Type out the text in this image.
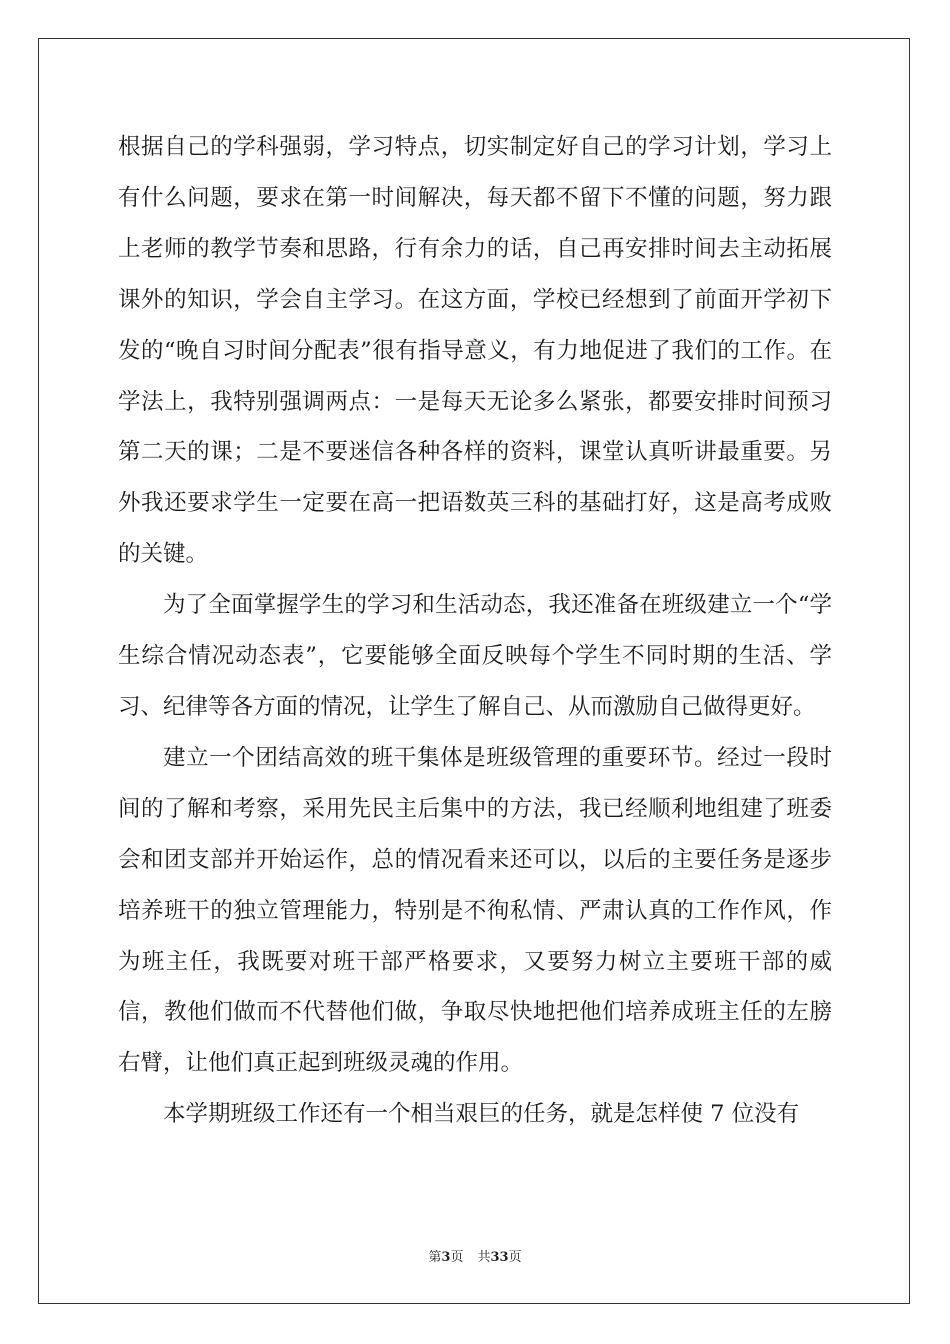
根据自己的学科强弱，学习特点，切实制定好自己的学习计划，学习上有什么问题，要求在第一时间解决，每天都不留下不懂的问题，努力跟上老师的教学节奏和思路，行有余力的话，自己再安排时间去主动拓展课外的知识，学会自主学习。在这方面，学校已经想到了前面开学初下发的“晚自习时间分配表”很有指导意义，有力地促进了我们的工作。在学法上，我特别强调两点：一是每天无论多么紧张，都要安排时间预习第二天的课；二是不要迷信各种各样的资料，课堂认真听讲最重要。另外我还要求学生一定要在高一把语数英三科的基础打好，这是高考成败的关键。

为了全面掌握学生的学习和生活动态，我还准备在班级建立一个“学生综合情况动态表”，它要能够全面反映每个学生不同时期的生活、学习、纪律等各方面的情况，让学生了解自己、从而激励自己做得更好。

建立一个团结高效的班干集体是班级管理的重要环节。经过一段时间的了解和考察，采用先民主后集中的方法，我已经顺利地组建了班委会和团支部并开始运作，总的情况看来还可以，以后的主要任务是逐步培养班干的独立管理能力，特别是不徇私情、严肃认真的工作作风，作为班主任，我既要对班干部严格要求，又要努力树立主要班干部的威信，教他们做而不代替他们做，争取尽快地把他们培养成班主任的左膀右臂，让他们真正起到班级灵魂的作用。

本学期班级工作还有一个相当艰巨的任务，就是怎样使 7 位没有

第3页 共33页
